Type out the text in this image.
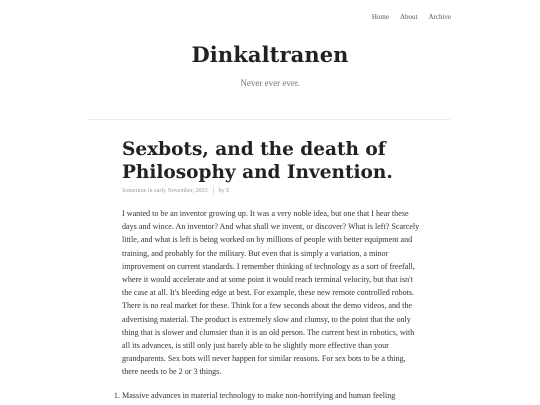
Home About Archive
Dinkaltranen

Never ever ever.

Sexbots, and the death of Philosophy and Invention.
Sometime in early November, 2023 by E

I wanted to be an inventor growing up. It was a very noble idea, but one that I hear these days and wince. An inventor? And what shall we invent, or discover? What is left? Scarcely little, and what is left is being worked on by millions of people with better equipment and training, and probably for the military. But even that is simply a variation, a minor improvement on current standards. I remember thinking of technology as a sort of freefall, where it would accelerate and at some point it would reach terminal velocity, but that isn't the case at all. It's bleeding edge at best. For example, these new remote controlled robots. There is no real market for these. Think for a few seconds about the demo videos, and the advertising material. The product is extremely slow and clumsy, to the point that the only thing that is slower and clumsier than it is an old person. The current best in robotics, with all its advances, is still only just barely able to be slightly more effective than your grandparents. Sex bots will never happen for similar reasons. For sex bots to be a thing, there needs to be 2 or 3 things.

1. Massive advances in material technology to make non-horrifying and human feeling
